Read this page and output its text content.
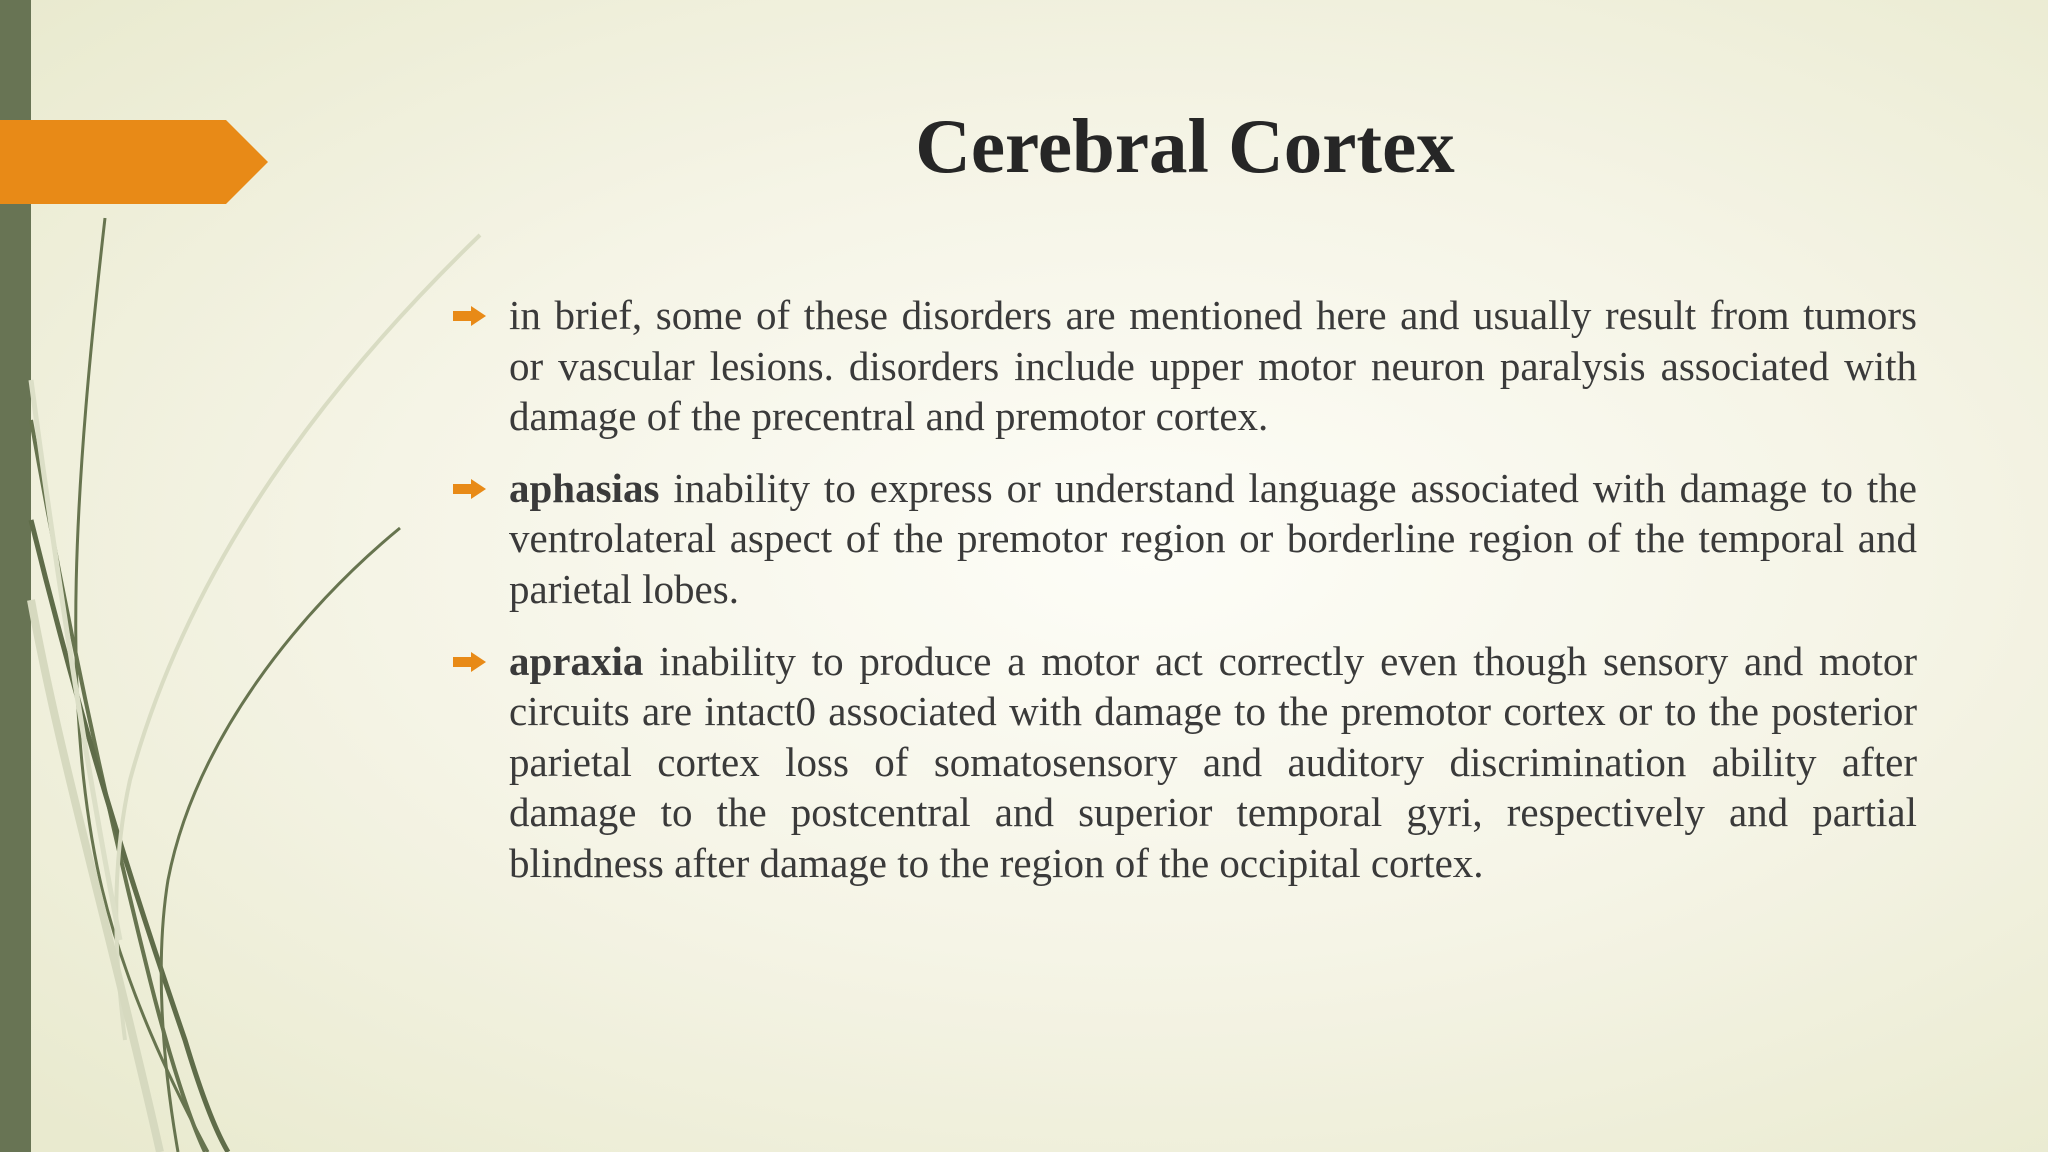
Cerebral Cortex
in brief, some of these disorders are mentioned here and usually result from tumors or vascular lesions. disorders include upper motor neuron paralysis associated with damage of the precentral and premotor cortex.
aphasias inability to express or understand language associated with damage to the ventrolateral aspect of the premotor region or borderline region of the temporal and parietal lobes.
apraxia inability to produce a motor act correctly even though sensory and motor circuits are intact0 associated with damage to the premotor cortex or to the posterior parietal cortex loss of somatosensory and auditory discrimination ability after damage to the postcentral and superior temporal gyri, respectively and partial blindness after damage to the region of the occipital cortex.
